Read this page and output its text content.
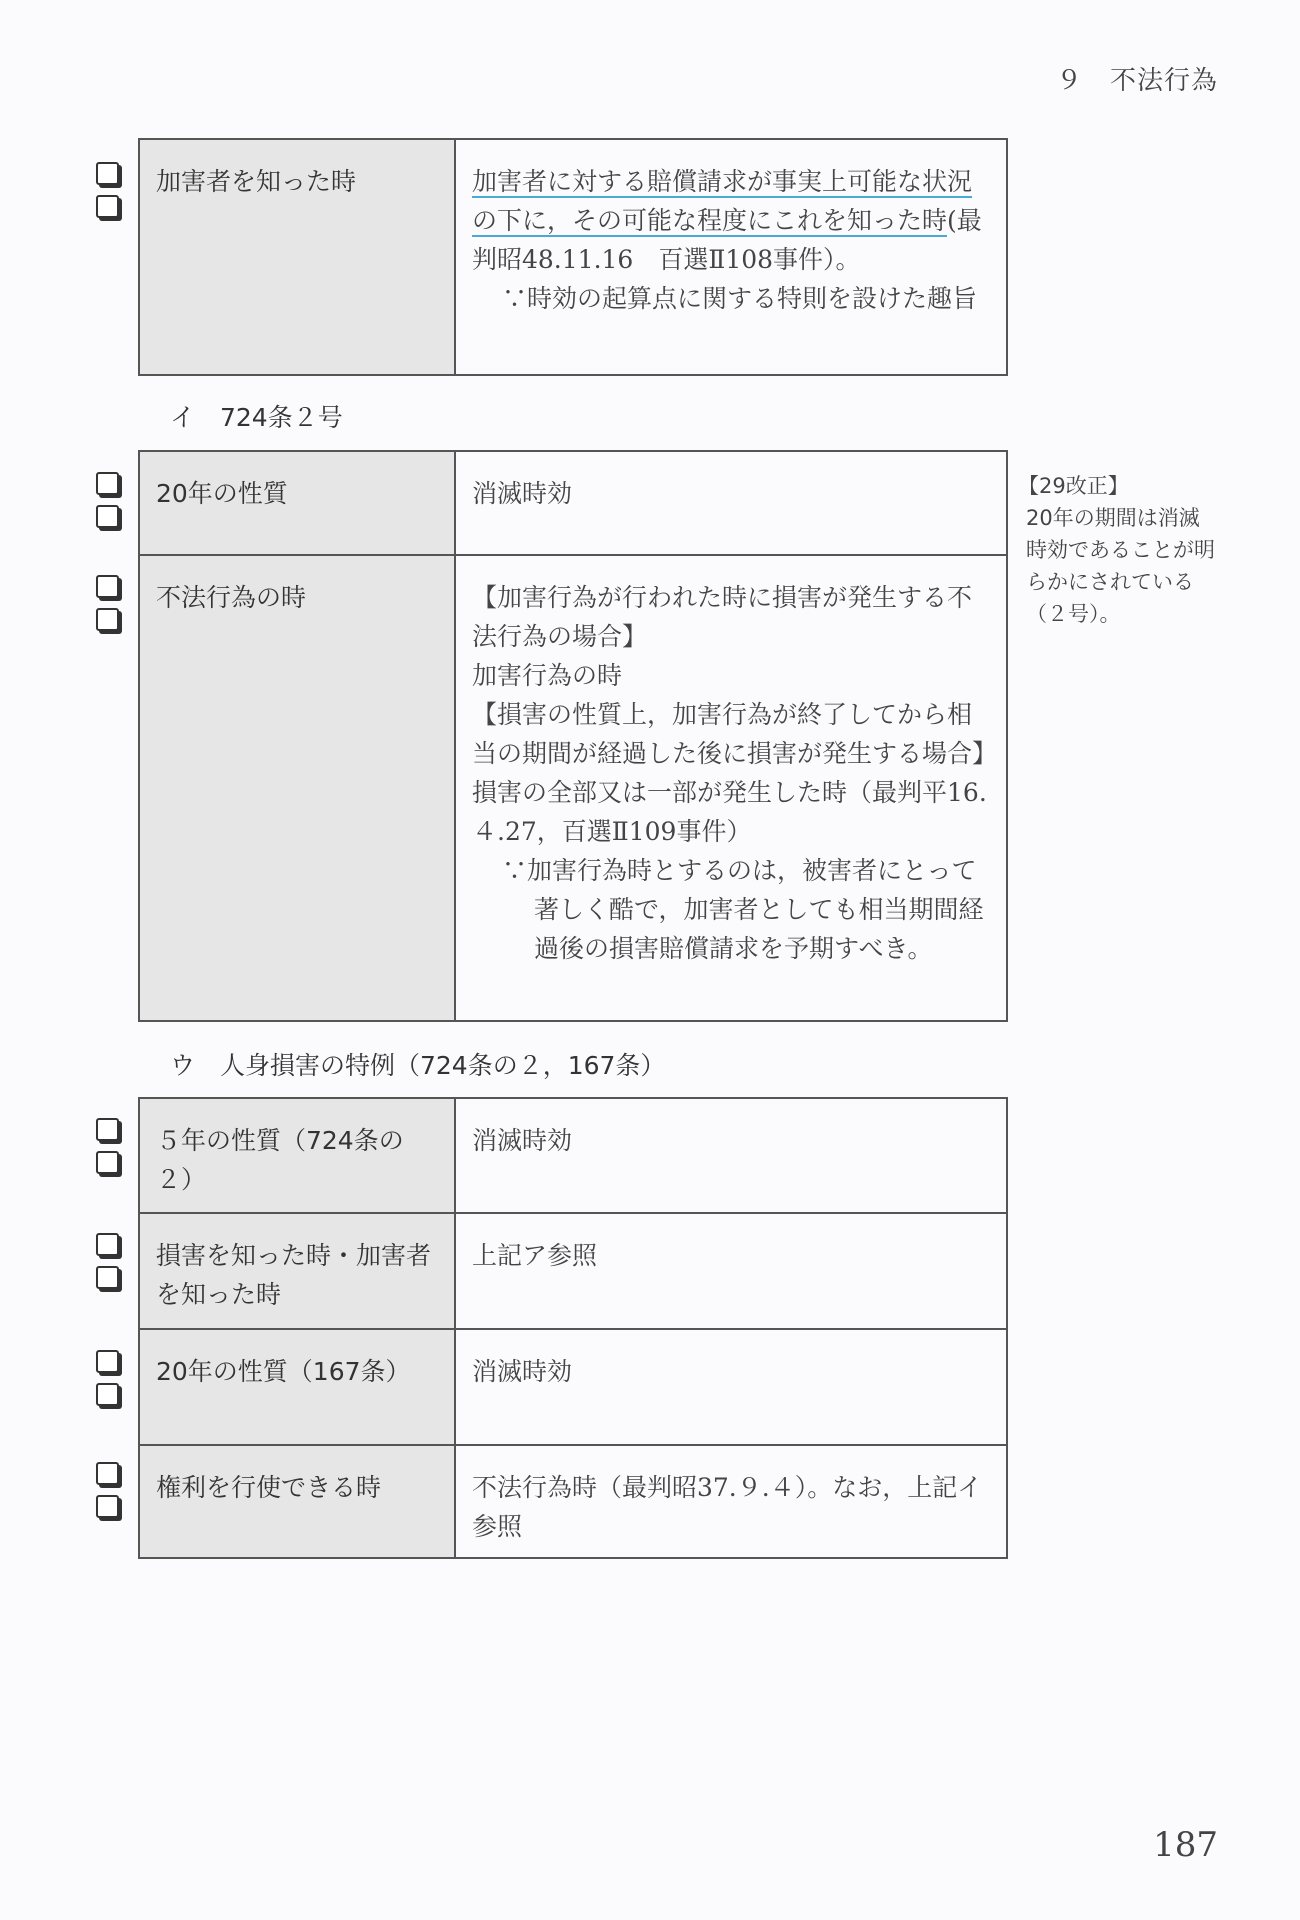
９　不法行為
加害者を知った時	加害者に対する賠償請求が事実上可能な状況
の下に，その可能な程度にこれを知った時(最判昭48.11.16　百選Ⅱ108事件）。
∵時効の起算点に関する特則を設けた趣旨
イ　724条２号
20年の性質	消滅時効
不法行為の時	【加害行為が行われた時に損害が発生する不法行為の場合】
加害行為の時
【損害の性質上，加害行為が終了してから相当の期間が経過した後に損害が発生する場合】
損害の全部又は一部が発生した時（最判平16.４.27，百選Ⅱ109事件）
∵加害行為時とするのは，被害者にとって著しく酷で，加害者としても相当期間経過後の損害賠償請求を予期すべき。
【29改正】
20年の期間は消滅時効であることが明らかにされている（２号）。
ウ　人身損害の特例（724条の２，167条）
５年の性質（724条の２）	消滅時効
損害を知った時・加害者を知った時	上記ア参照
20年の性質（167条）	消滅時効
権利を行使できる時	不法行為時（最判昭37.９.４）。なお，上記イ参照
187
